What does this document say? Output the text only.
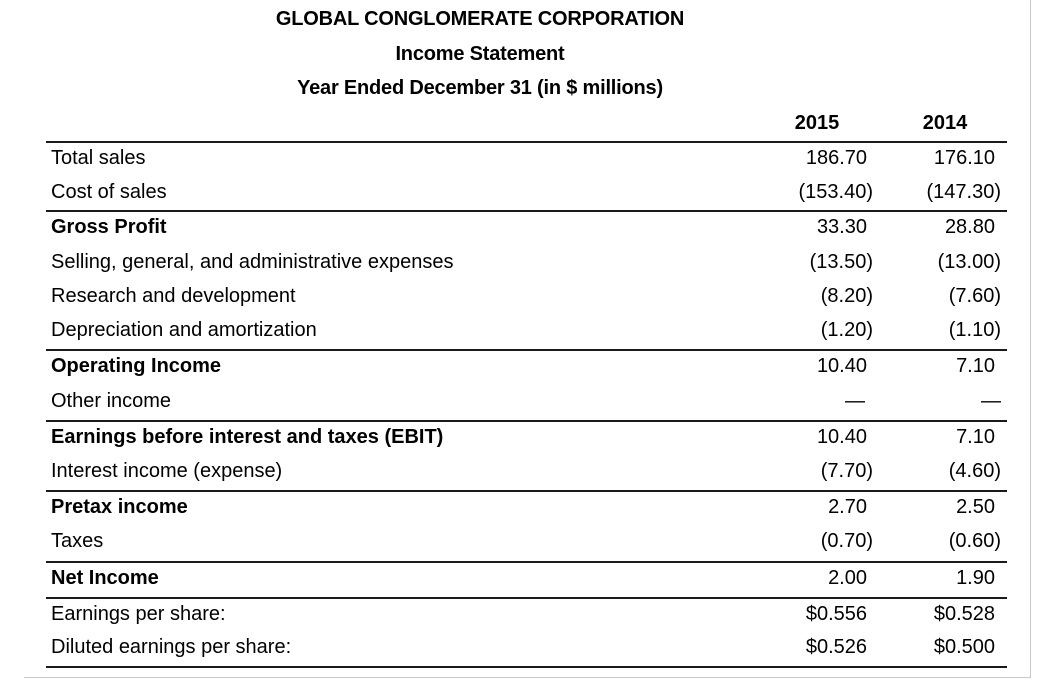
GLOBAL CONGLOMERATE CORPORATION
Income Statement
Year Ended December 31 (in $ millions)
2015	2014
Total sales	186.70	176.10
Cost of sales	(153.40)	(147.30)
Gross Profit	33.30	28.80
Selling, general, and administrative expenses	(13.50)	(13.00)
Research and development	(8.20)	(7.60)
Depreciation and amortization	(1.20)	(1.10)
Operating Income	10.40	7.10
Other income	—	—
Earnings before interest and taxes (EBIT)	10.40	7.10
Interest income (expense)	(7.70)	(4.60)
Pretax income	2.70	2.50
Taxes	(0.70)	(0.60)
Net Income	2.00	1.90
Earnings per share:	$0.556	$0.528
Diluted earnings per share:	$0.526	$0.500
